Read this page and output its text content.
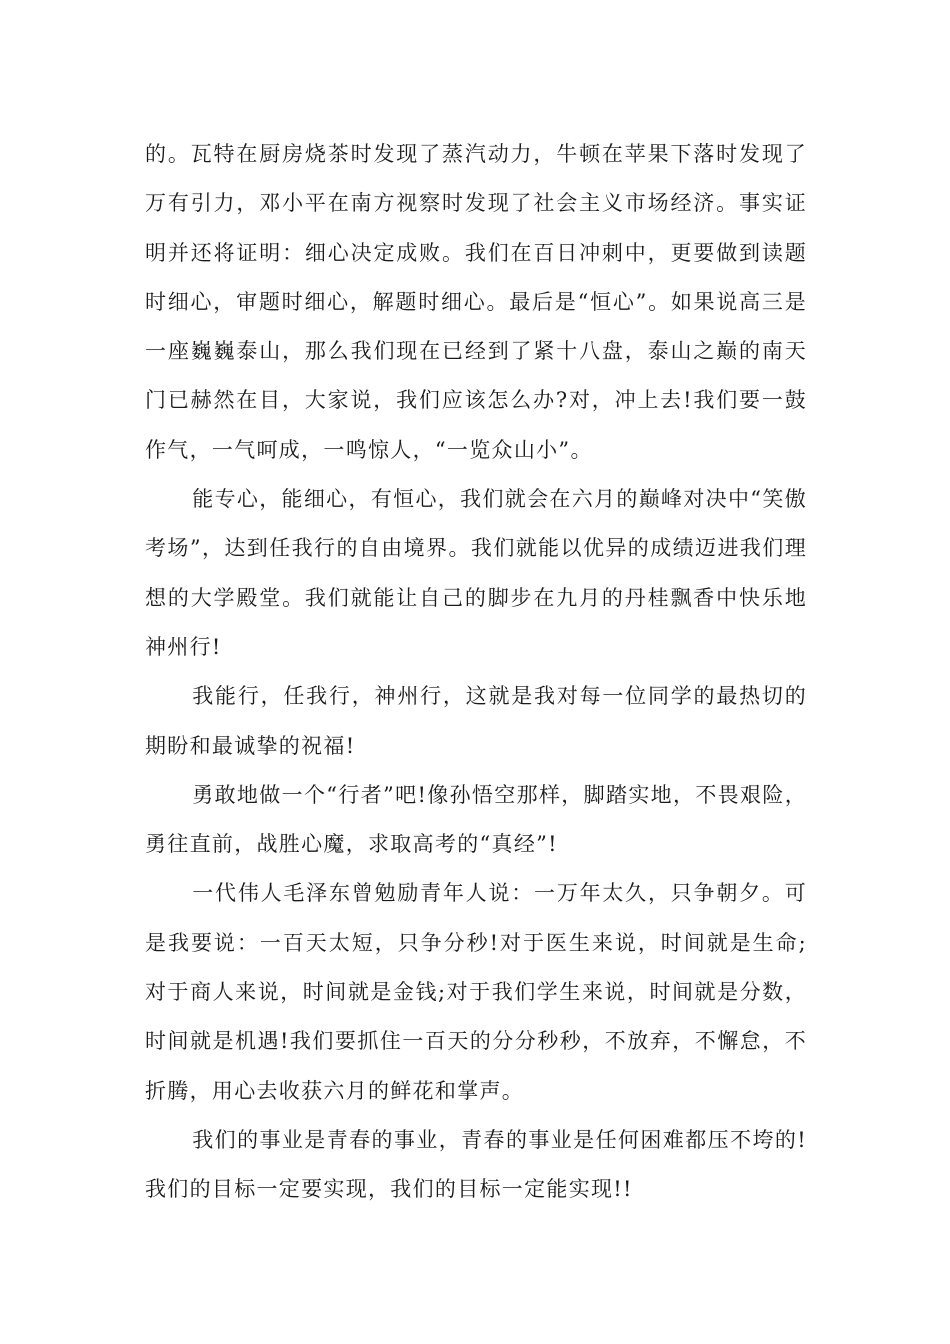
的。瓦特在厨房烧茶时发现了蒸汽动力，牛顿在苹果下落时发现了万有引力，邓小平在南方视察时发现了社会主义市场经济。事实证明并还将证明：细心决定成败。我们在百日冲刺中，更要做到读题时细心，审题时细心，解题时细心。最后是“恒心”。如果说高三是一座巍巍泰山，那么我们现在已经到了紧十八盘，泰山之巅的南天门已赫然在目，大家说，我们应该怎么办?对，冲上去!我们要一鼓作气，一气呵成，一鸣惊人，“一览众山小”。

能专心，能细心，有恒心，我们就会在六月的巅峰对决中“笑傲考场”，达到任我行的自由境界。我们就能以优异的成绩迈进我们理想的大学殿堂。我们就能让自己的脚步在九月的丹桂飘香中快乐地神州行!

我能行，任我行，神州行，这就是我对每一位同学的最热切的期盼和最诚挚的祝福!

勇敢地做一个“行者”吧!像孙悟空那样，脚踏实地，不畏艰险，勇往直前，战胜心魔，求取高考的“真经”!

一代伟人毛泽东曾勉励青年人说：一万年太久，只争朝夕。可是我要说：一百天太短，只争分秒!对于医生来说，时间就是生命;对于商人来说，时间就是金钱;对于我们学生来说，时间就是分数，时间就是机遇!我们要抓住一百天的分分秒秒，不放弃，不懈怠，不折腾，用心去收获六月的鲜花和掌声。

我们的事业是青春的事业，青春的事业是任何困难都压不垮的!我们的目标一定要实现，我们的目标一定能实现!!
